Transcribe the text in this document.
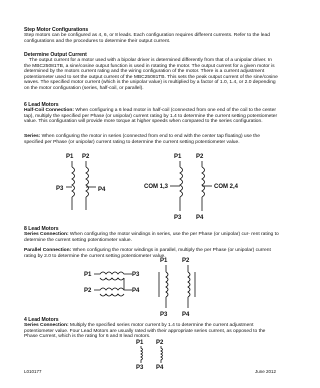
Step Motor Configurations

Step motors can be configured as 4, 6, or 8 leads. Each configuration requires different currents. Refer to the lead configurations and the procedures to determine their output current.

Determine Output Current

The output current for a motor used with a bipolar driver is determined differently from that of a unipolar driver. In the MBC25081TB, a sine/cosine output function is used in rotating the motor. The output current for a given motor is determined by the motors current rating and the wiring configuration of the motor. There is a current adjustment potentiometer used to set the output current of the MBC25081TB. This sets the peak output current of the sine/cosine waves. The specified motor current (which is the unipolar value) is multiplied by a factor of 1.0, 1.4, or 2.0 depending on the motor configuration (series, half-coil, or parallel).

6 Lead Motors

Half-Coil Connection: When configuring a 6 lead motor in half-coil (connected from one end of the coil to the center tap), multiply the specified per Phase (or unipolar) current rating by 1.4 to determine the current setting potentiometer value. This configuration will provide more torque at higher speeds when compared to the series configuration.

Series: When configuring the motor in series (connected from end to end with the center tap floating) use the specified per Phase (or unipolar) current rating to determine the current setting potentiometer value.

P1 P2
P3	P4
P1 P2
P3 P4
COM 1,3	COM 2,4

8 Lead Motors

Series Connection: When configuring the motor windings in series, use the per Phase (or unipolar) cur- rent rating to determine the current setting potentiometer value.

Parallel Connection: When configuring the motor windings in parallel, multiply the per Phase (or unipolar) current rating by 2.0 to determine the current setting potentiometer value.

P1	P3
P2	P4
P1 P2
P3 P4

4 Lead Motors

Series Connection: Multiply the specified series motor current by 1.4 to determine the current adjustment potentiometer value. Four Lead Motors are usually rated with their appropriate series current, as opposed to the Phase Current, which is the rating for 6 and 8 lead motors.

P1 P2
P3 P4
L010177	June 2012
